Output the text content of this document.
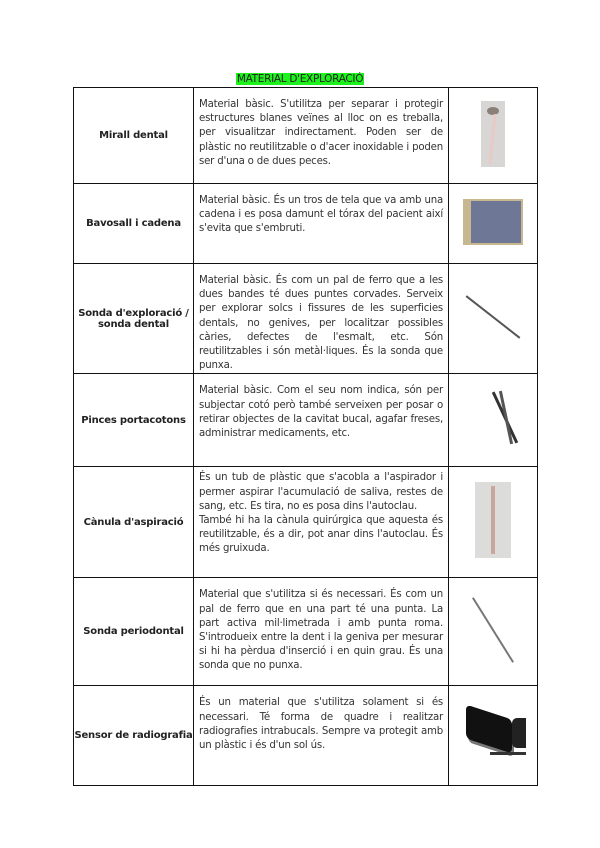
MATERIAL D'EXPLORACIÓ
Mirall dental	Material bàsic. S'utilitza per separar i protegir estructures blanes veïnes al lloc on es treballa, per visualitzar indirectament. Poden ser de plàstic no reutilitzable o d'acer inoxidable i poden ser d'una o de dues peces.	

Bavosall i cadena	Material bàsic. És un tros de tela que va amb una cadena i es posa damunt el tórax del pacient així s'evita que s'embruti.	

Sonda d'exploració / sonda dental	Material bàsic. És com un pal de ferro que a les dues bandes té dues puntes corvades. Serveix per explorar solcs i fissures de les superficies dentals, no genives, per localitzar possibles càries, defectes de l'esmalt, etc. Són reutilitzables i són metàl·liques. És la sonda que punxa.	

Pinces portacotons	Material bàsic. Com el seu nom indica, són per subjectar cotó però també serveixen per posar o retirar objectes de la cavitat bucal, agafar freses, administrar medicaments, etc.	

Cànula d'aspiració	És un tub de plàstic que s'acobla a l'aspirador i permer aspirar l'acumulació de saliva, restes de sang, etc. Es tira, no es posa dins l'autoclau.
També hi ha la cànula quirúrgica que aquesta és reutilitzable, és a dir, pot anar dins l'autoclau. És més gruixuda.	

Sonda periodontal	Material que s'utilitza si és necessari. És com un pal de ferro que en una part té una punta. La part activa mil·limetrada i amb punta roma. S'introdueix entre la dent i la geniva per mesurar si hi ha pèrdua d'inserció i en quin grau. És una sonda que no punxa.	

Sensor de radiografia	És un material que s'utilitza solament si és necessari. Té forma de quadre i realitzar radiografies intrabucals. Sempre va protegit amb un plàstic i és d'un sol ús.	
